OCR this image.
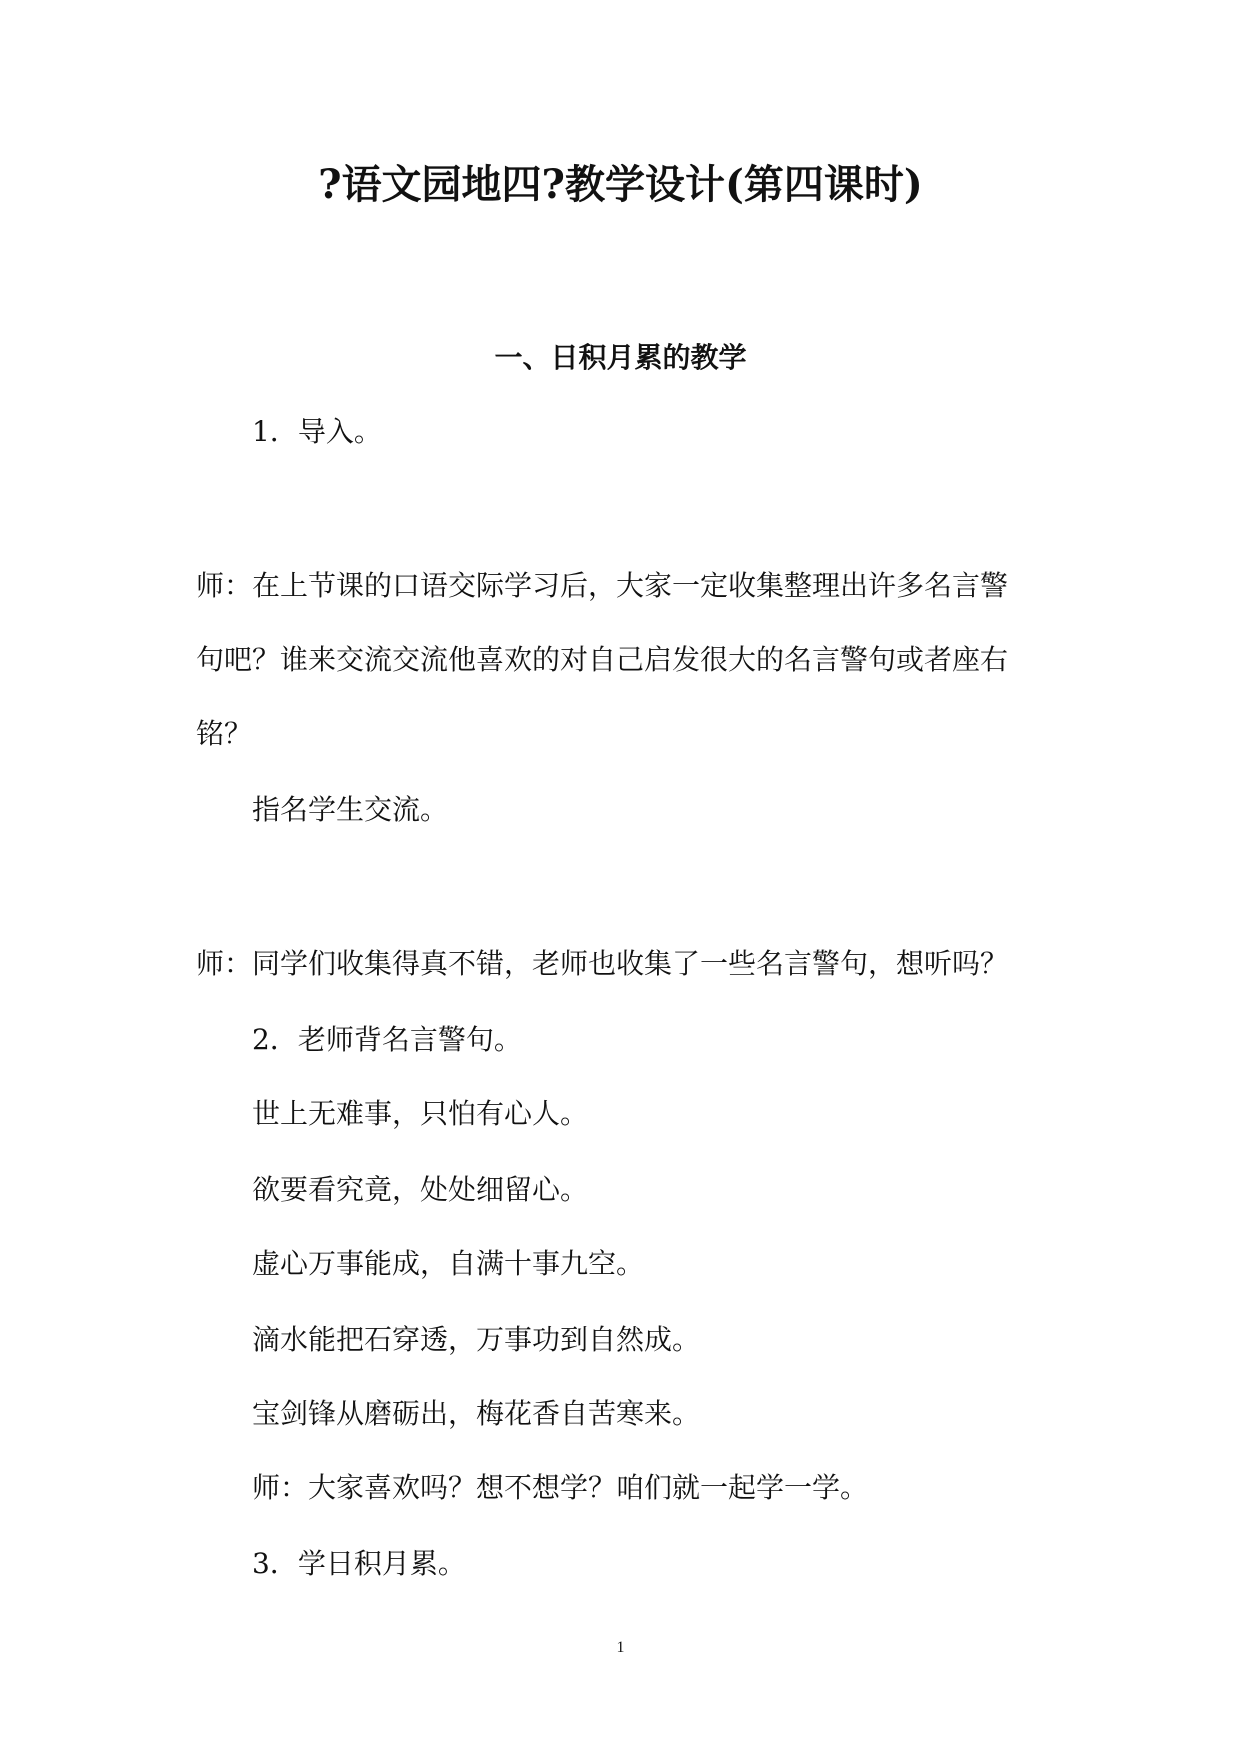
?语文园地四?教学设计(第四课时)
一、日积月累的教学

1．导入。

师：在上节课的口语交际学习后，大家一定收集整理出许多名言警

句吧？谁来交流交流他喜欢的对自己启发很大的名言警句或者座右

铭？

指名学生交流。

师：同学们收集得真不错，老师也收集了一些名言警句，想听吗？

2．老师背名言警句。

世上无难事，只怕有心人。

欲要看究竟，处处细留心。

虚心万事能成，自满十事九空。

滴水能把石穿透，万事功到自然成。

宝剑锋从磨砺出，梅花香自苦寒来。

师：大家喜欢吗？想不想学？咱们就一起学一学。

3．学日积月累。

1
